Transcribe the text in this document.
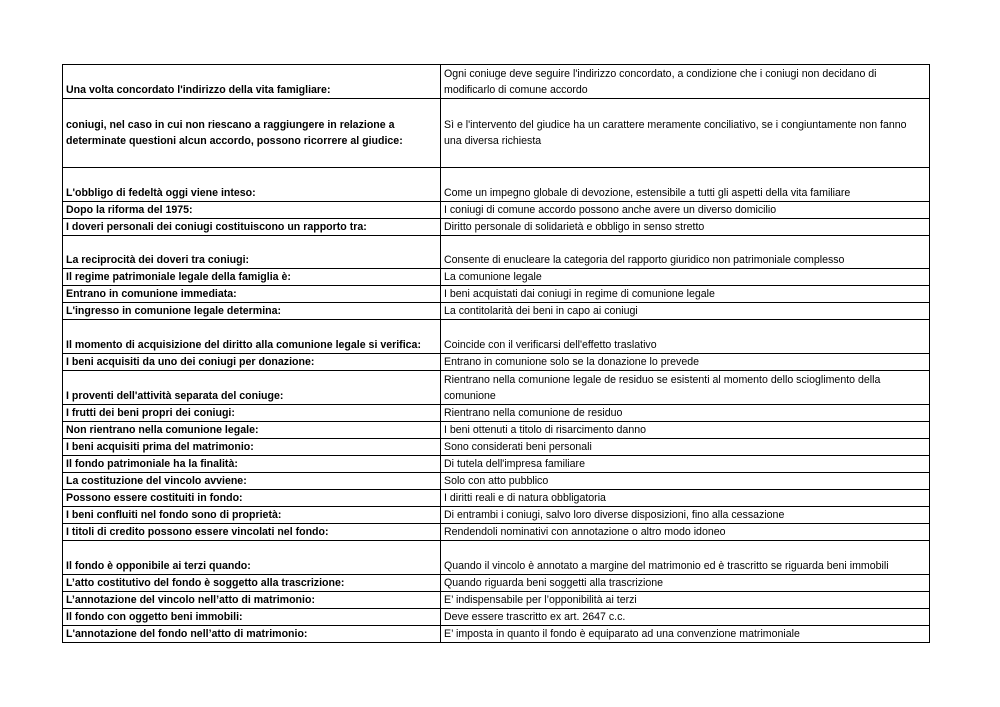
Una volta concordato l'indirizzo della vita famigliare:	Ogni coniuge deve seguire l'indirizzo concordato, a condizione che i coniugi non decidano di modificarlo di comune accordo
coniugi, nel caso in cui non riescano a raggiungere in relazione a determinate questioni alcun accordo, possono ricorrere al giudice:	Sì e l'intervento del giudice ha un carattere meramente conciliativo, se i congiuntamente non fanno una diversa richiesta
L'obbligo di fedeltà oggi viene inteso:	Come un impegno globale di devozione, estensibile a tutti gli aspetti della vita familiare
Dopo la riforma del 1975:	I coniugi di comune accordo possono anche avere un diverso domicilio
I doveri personali dei coniugi costituiscono un rapporto tra:	Diritto personale di solidarietà e obbligo in senso stretto
La reciprocità dei doveri tra coniugi:	Consente di enucleare la categoria del rapporto giuridico non patrimoniale complesso
Il regime patrimoniale legale della famiglia è:	La comunione legale
Entrano in comunione immediata:	I beni acquistati dai coniugi in regime di comunione legale
L'ingresso in comunione legale determina:	La contitolarità dei beni in capo ai coniugi
Il momento di acquisizione del diritto alla comunione legale si verifica:	Coincide con il verificarsi dell'effetto traslativo
I beni acquisiti da uno dei coniugi per donazione:	Entrano in comunione solo se la donazione lo prevede
I proventi dell'attività separata del coniuge:	Rientrano nella comunione legale de residuo se esistenti al momento dello scioglimento della comunione
I frutti dei beni propri dei coniugi:	Rientrano nella comunione de residuo
Non rientrano nella comunione legale:	I beni ottenuti a titolo di risarcimento danno
I beni acquisiti prima del matrimonio:	Sono considerati beni personali
Il fondo patrimoniale ha la finalità:	Di tutela dell'impresa familiare
La costituzione del vincolo avviene:	Solo con atto pubblico
Possono essere costituiti in fondo:	I diritti reali e di natura obbligatoria
I beni confluiti nel fondo sono di proprietà:	Di entrambi i coniugi, salvo loro diverse disposizioni, fino alla cessazione
I titoli di credito possono essere vincolati nel fondo:	Rendendoli nominativi con annotazione o altro modo idoneo
Il fondo è opponibile ai terzi quando:	Quando il vincolo è annotato a margine del matrimonio ed è trascritto se riguarda beni immobili
L’atto costitutivo del fondo è soggetto alla trascrizione:	Quando riguarda beni soggetti alla trascrizione
L’annotazione del vincolo nell’atto di matrimonio:	E’ indispensabile per l’opponibilità ai terzi
Il fondo con oggetto beni immobili:	Deve essere trascritto ex art. 2647 c.c.
L'annotazione del fondo nell’atto di matrimonio:	E’ imposta in quanto il fondo è equiparato ad una convenzione matrimoniale
